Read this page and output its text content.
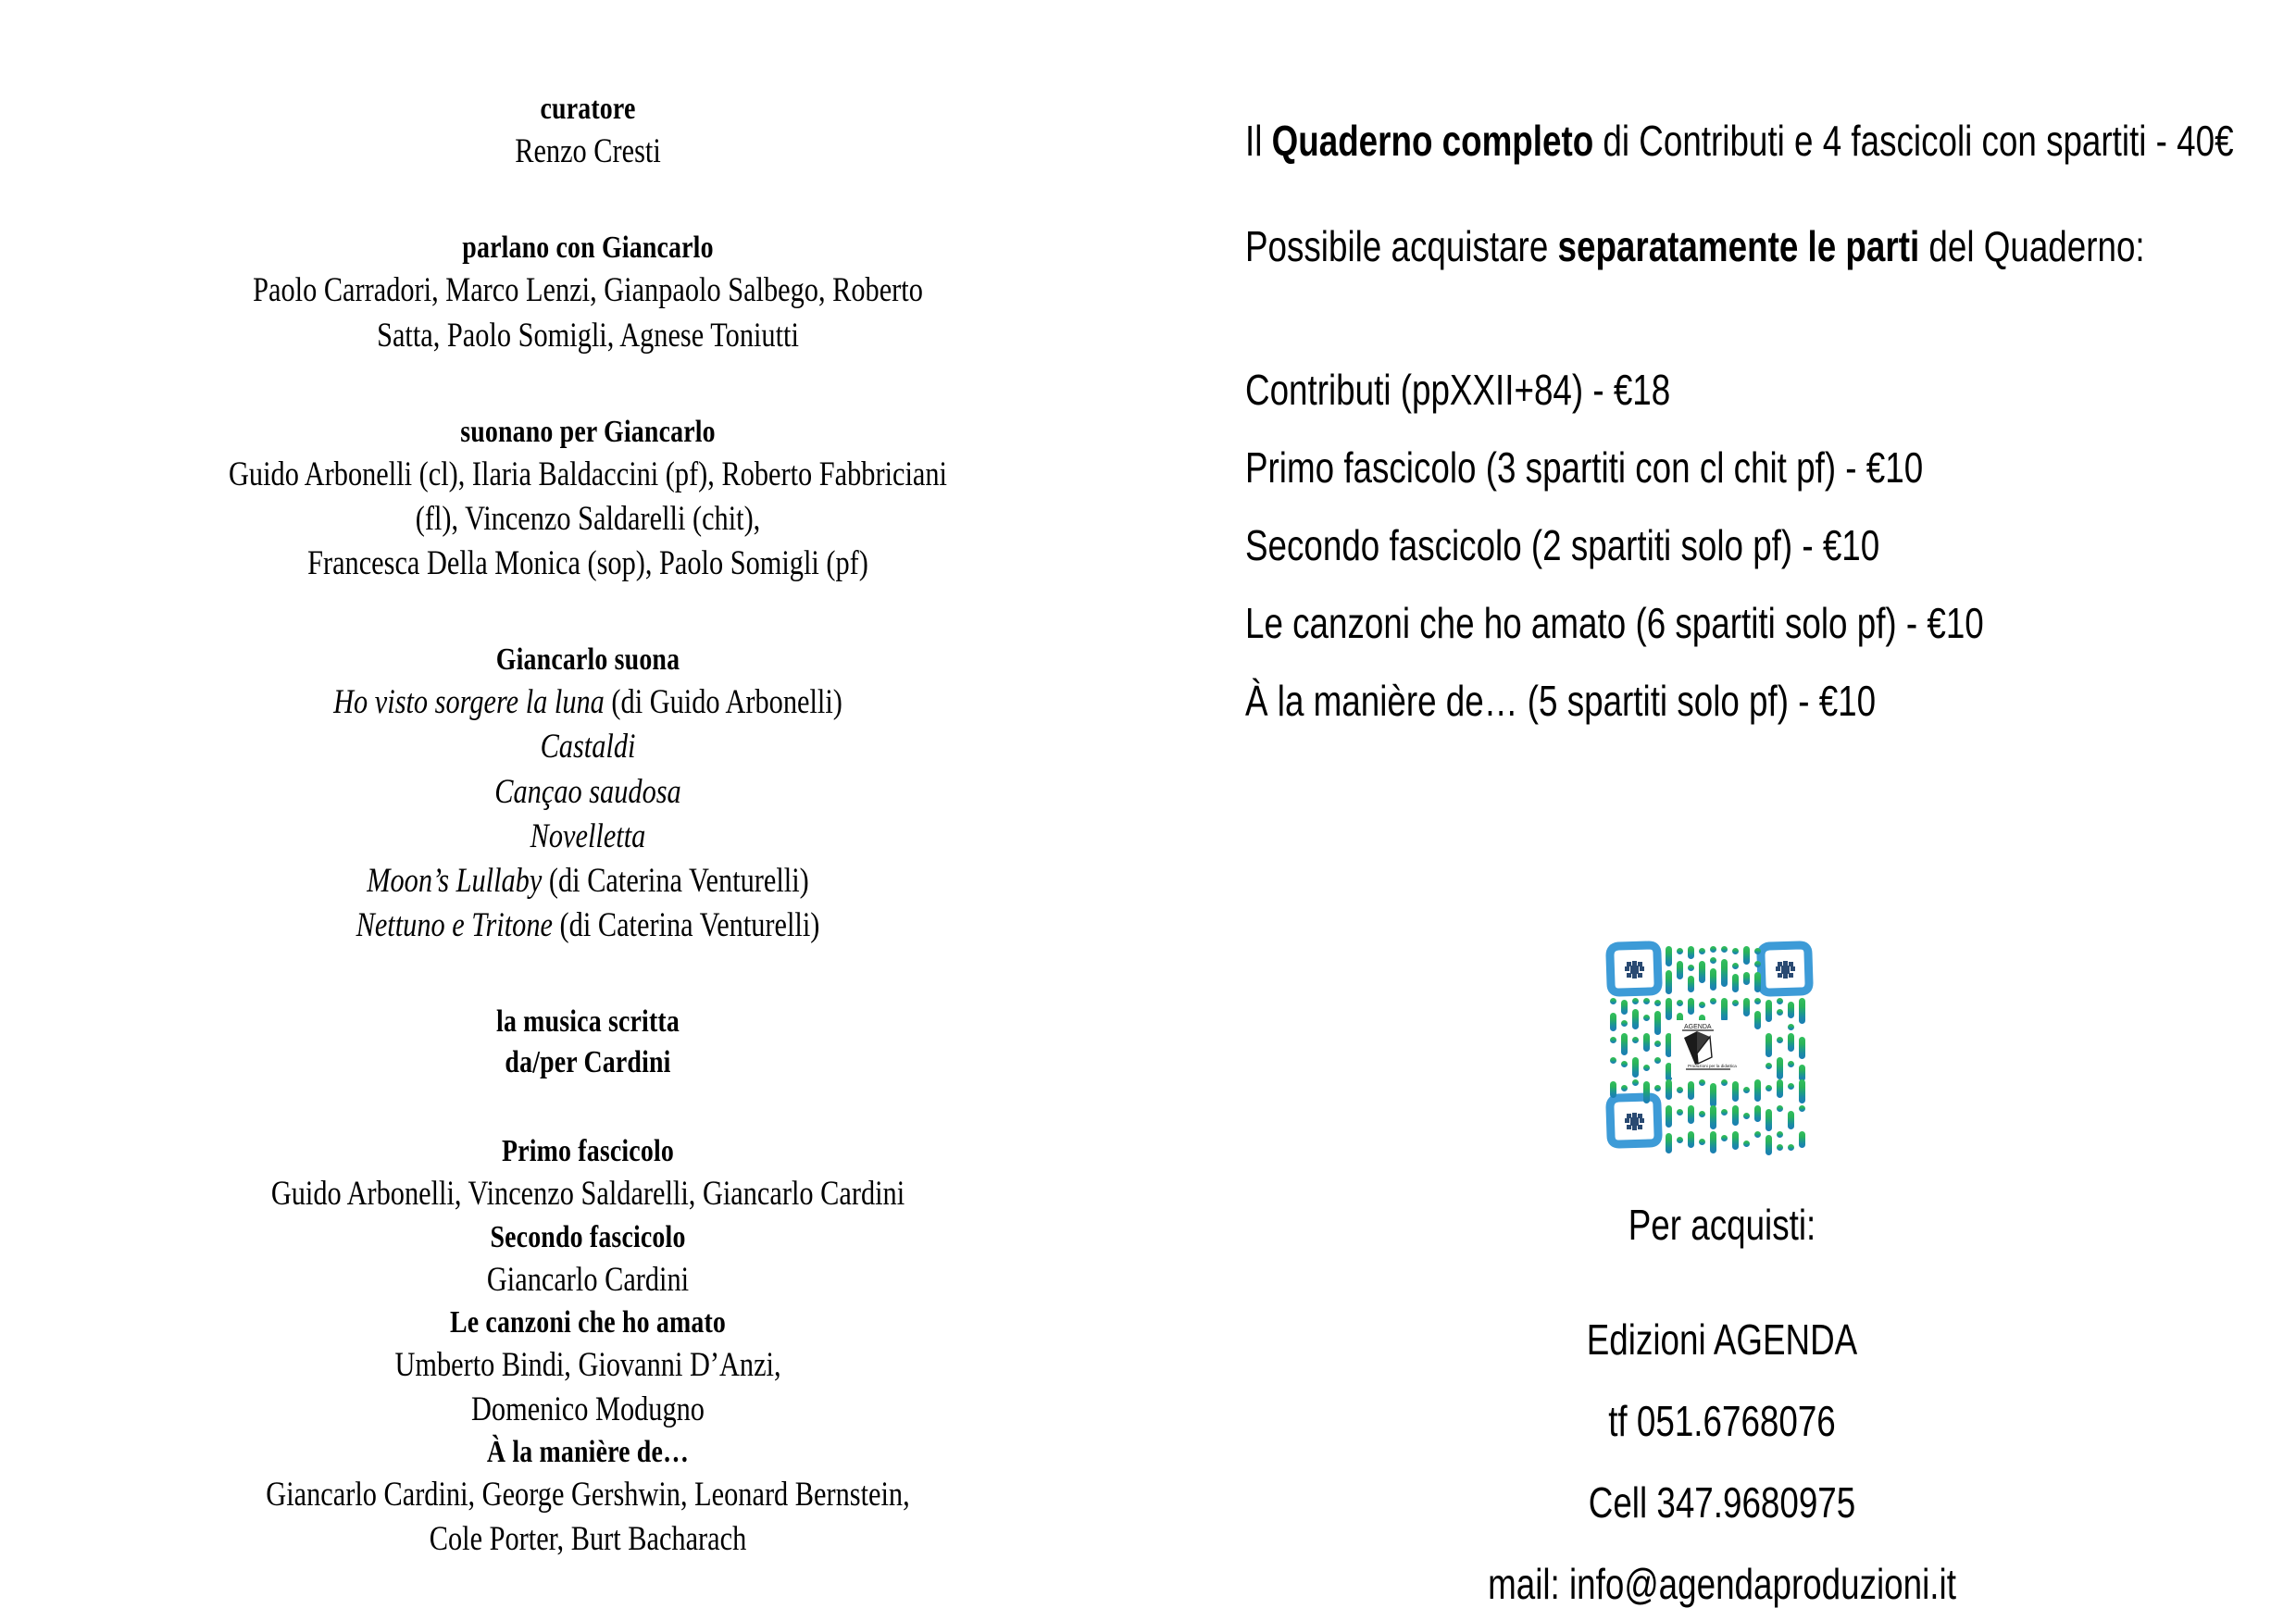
curatore
Renzo Cresti
parlano con Giancarlo
Paolo Carradori, Marco Lenzi, Gianpaolo Salbego, Roberto
Satta, Paolo Somigli, Agnese Toniutti
suonano per Giancarlo
Guido Arbonelli (cl), Ilaria Baldaccini (pf), Roberto Fabbriciani
(fl), Vincenzo Saldarelli (chit),
Francesca Della Monica (sop), Paolo Somigli (pf)
Giancarlo suona
Ho visto sorgere la luna (di Guido Arbonelli)
Castaldi
Cançao saudosa
Novelletta
Moon’s Lullaby (di Caterina Venturelli)
Nettuno e Tritone (di Caterina Venturelli)
la musica scritta
da/per Cardini
Primo fascicolo
Guido Arbonelli, Vincenzo Saldarelli, Giancarlo Cardini
Secondo fascicolo
Giancarlo Cardini
Le canzoni che ho amato
Umberto Bindi, Giovanni D’Anzi,
Domenico Modugno
À la manière de…
Giancarlo Cardini, George Gershwin, Leonard Bernstein,
Cole Porter, Burt Bacharach
Il Quaderno completo di Contributi e 4 fascicoli con spartiti - 40€
Possibile acquistare separatamente le parti del Quaderno:
Contributi (ppXXII+84) - €18
Primo fascicolo (3 spartiti con cl chit pf) - €10
Secondo fascicolo (2 spartiti solo pf) - €10
Le canzoni che ho amato (6 spartiti solo pf) - €10
À la manière de… (5 spartiti solo pf) - €10
AGENDA
Produzioni per la didattica
Per acquisti:
Edizioni AGENDA
tf 051.6768076
Cell 347.9680975
mail: info@agendaproduzioni.it
